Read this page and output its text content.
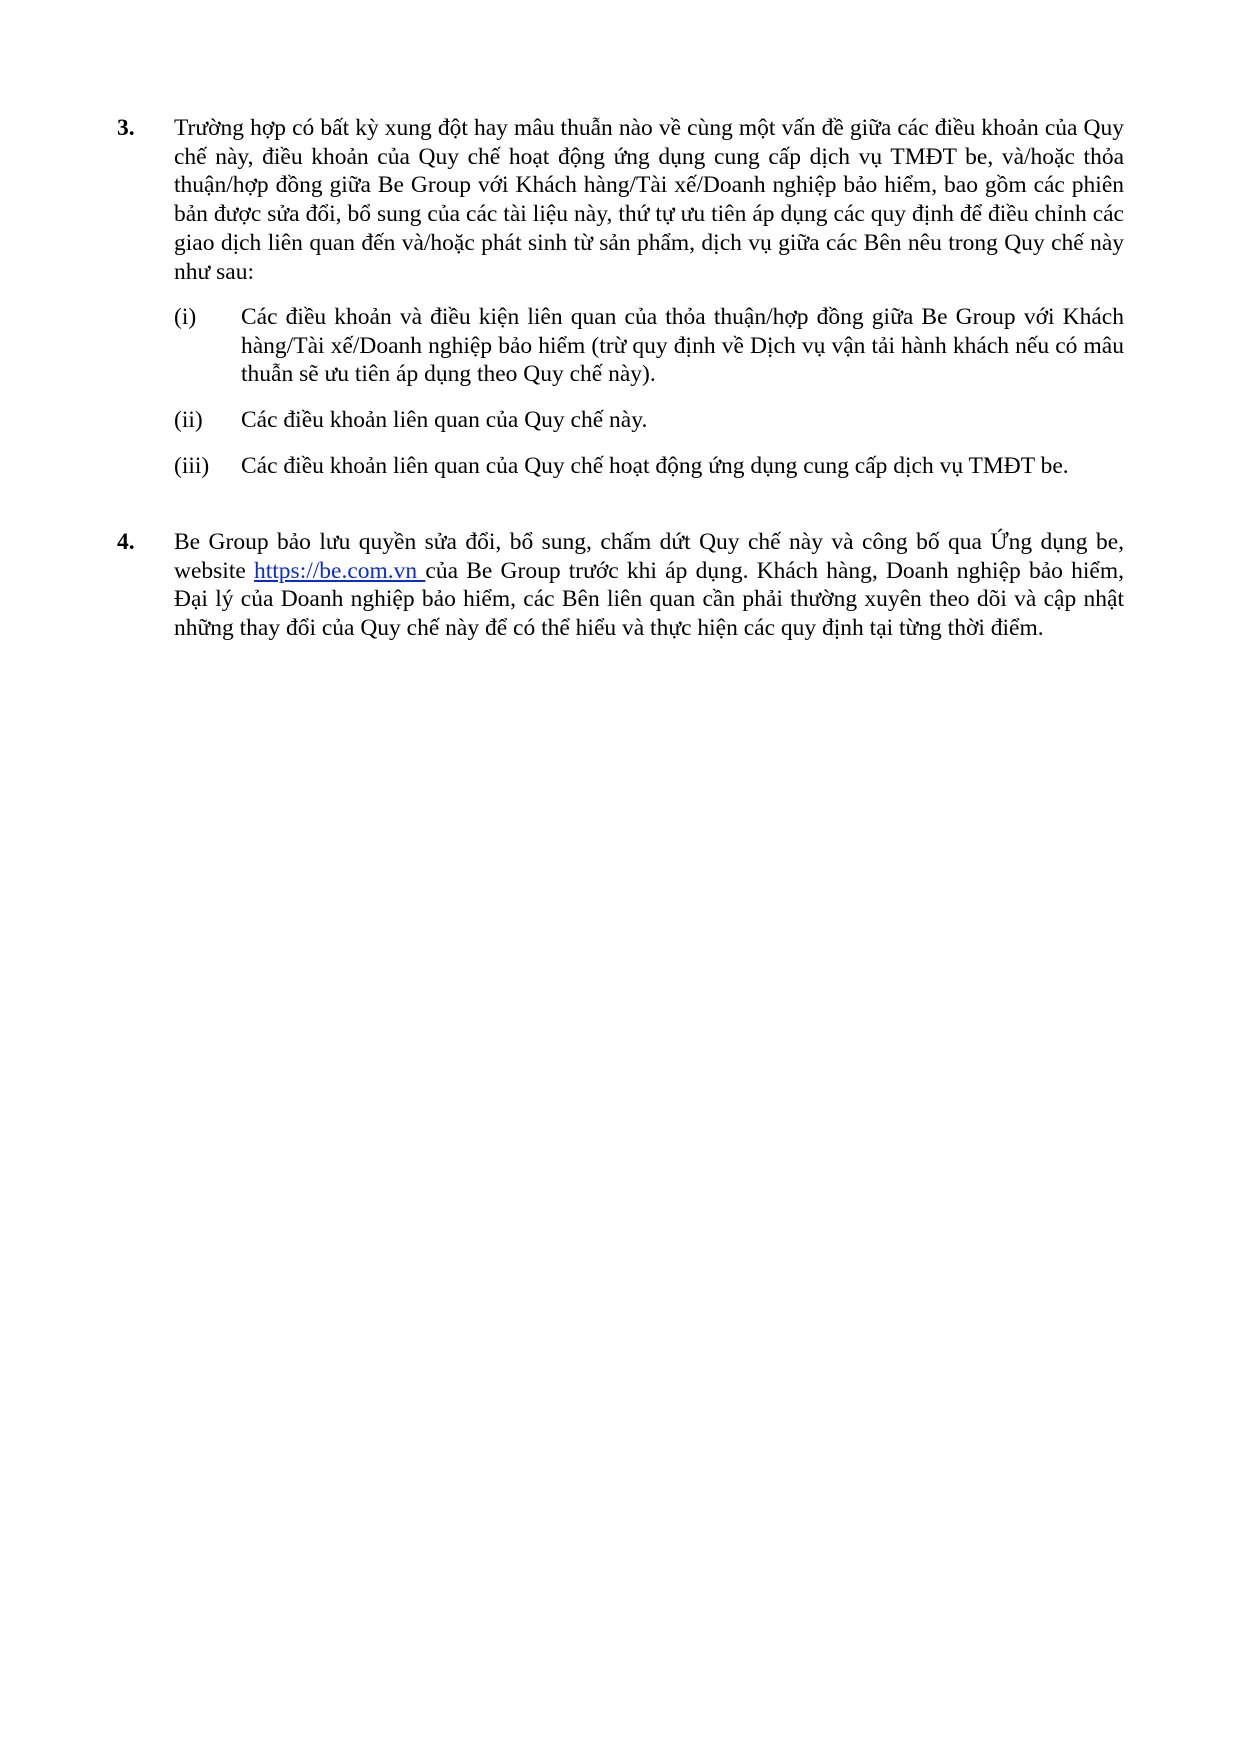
3.	Trường hợp có bất kỳ xung đột hay mâu thuẫn nào về cùng một vấn đề giữa các điều khoản của Quy chế này, điều khoản của Quy chế hoạt động ứng dụng cung cấp dịch vụ TMĐT be, và/hoặc thỏa thuận/hợp đồng giữa Be Group với Khách hàng/Tài xế/Doanh nghiệp bảo hiểm, bao gồm các phiên bản được sửa đổi, bổ sung của các tài liệu này, thứ tự ưu tiên áp dụng các quy định để điều chỉnh các giao dịch liên quan đến và/hoặc phát sinh từ sản phẩm, dịch vụ giữa các Bên nêu trong Quy chế này như sau:
(i)	Các điều khoản và điều kiện liên quan của thỏa thuận/hợp đồng giữa Be Group với Khách hàng/Tài xế/Doanh nghiệp bảo hiểm (trừ quy định về Dịch vụ vận tải hành khách nếu có mâu thuẫn sẽ ưu tiên áp dụng theo Quy chế này).
(ii)	Các điều khoản liên quan của Quy chế này.
(iii)	Các điều khoản liên quan của Quy chế hoạt động ứng dụng cung cấp dịch vụ TMĐT be.
4.	Be Group bảo lưu quyền sửa đổi, bổ sung, chấm dứt Quy chế này và công bố qua Ứng dụng be, website https://be.com.vn của Be Group trước khi áp dụng. Khách hàng, Doanh nghiệp bảo hiểm, Đại lý của Doanh nghiệp bảo hiểm, các Bên liên quan cần phải thường xuyên theo dõi và cập nhật những thay đổi của Quy chế này để có thể hiểu và thực hiện các quy định tại từng thời điểm.
